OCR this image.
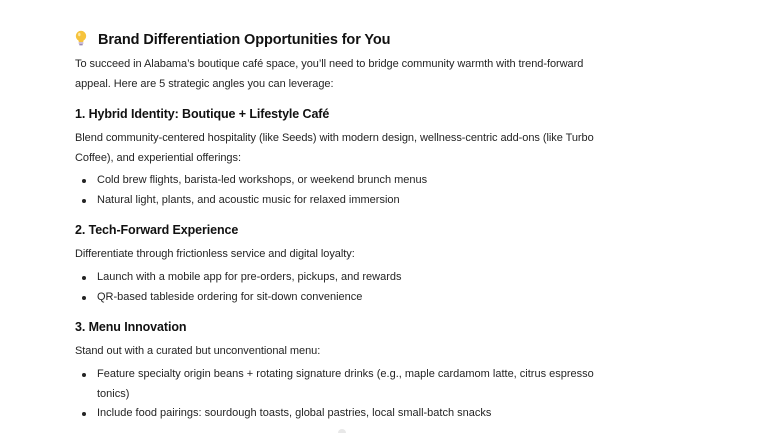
Brand Differentiation Opportunities for You

To succeed in Alabama’s boutique café space, you’ll need to bridge community warmth with trend-forward appeal. Here are 5 strategic angles you can leverage:

1. Hybrid Identity: Boutique + Lifestyle Café

Blend community-centered hospitality (like Seeds) with modern design, wellness-centric add-ons (like Turbo Coffee), and experiential offerings:

Cold brew flights, barista-led workshops, or weekend brunch menus
Natural light, plants, and acoustic music for relaxed immersion
2. Tech-Forward Experience

Differentiate through frictionless service and digital loyalty:

Launch with a mobile app for pre-orders, pickups, and rewards
QR-based tableside ordering for sit-down convenience
3. Menu Innovation

Stand out with a curated but unconventional menu:

Feature specialty origin beans + rotating signature drinks (e.g., maple cardamom latte, citrus espresso tonics)
Include food pairings: sourdough toasts, global pastries, local small-batch snacks
